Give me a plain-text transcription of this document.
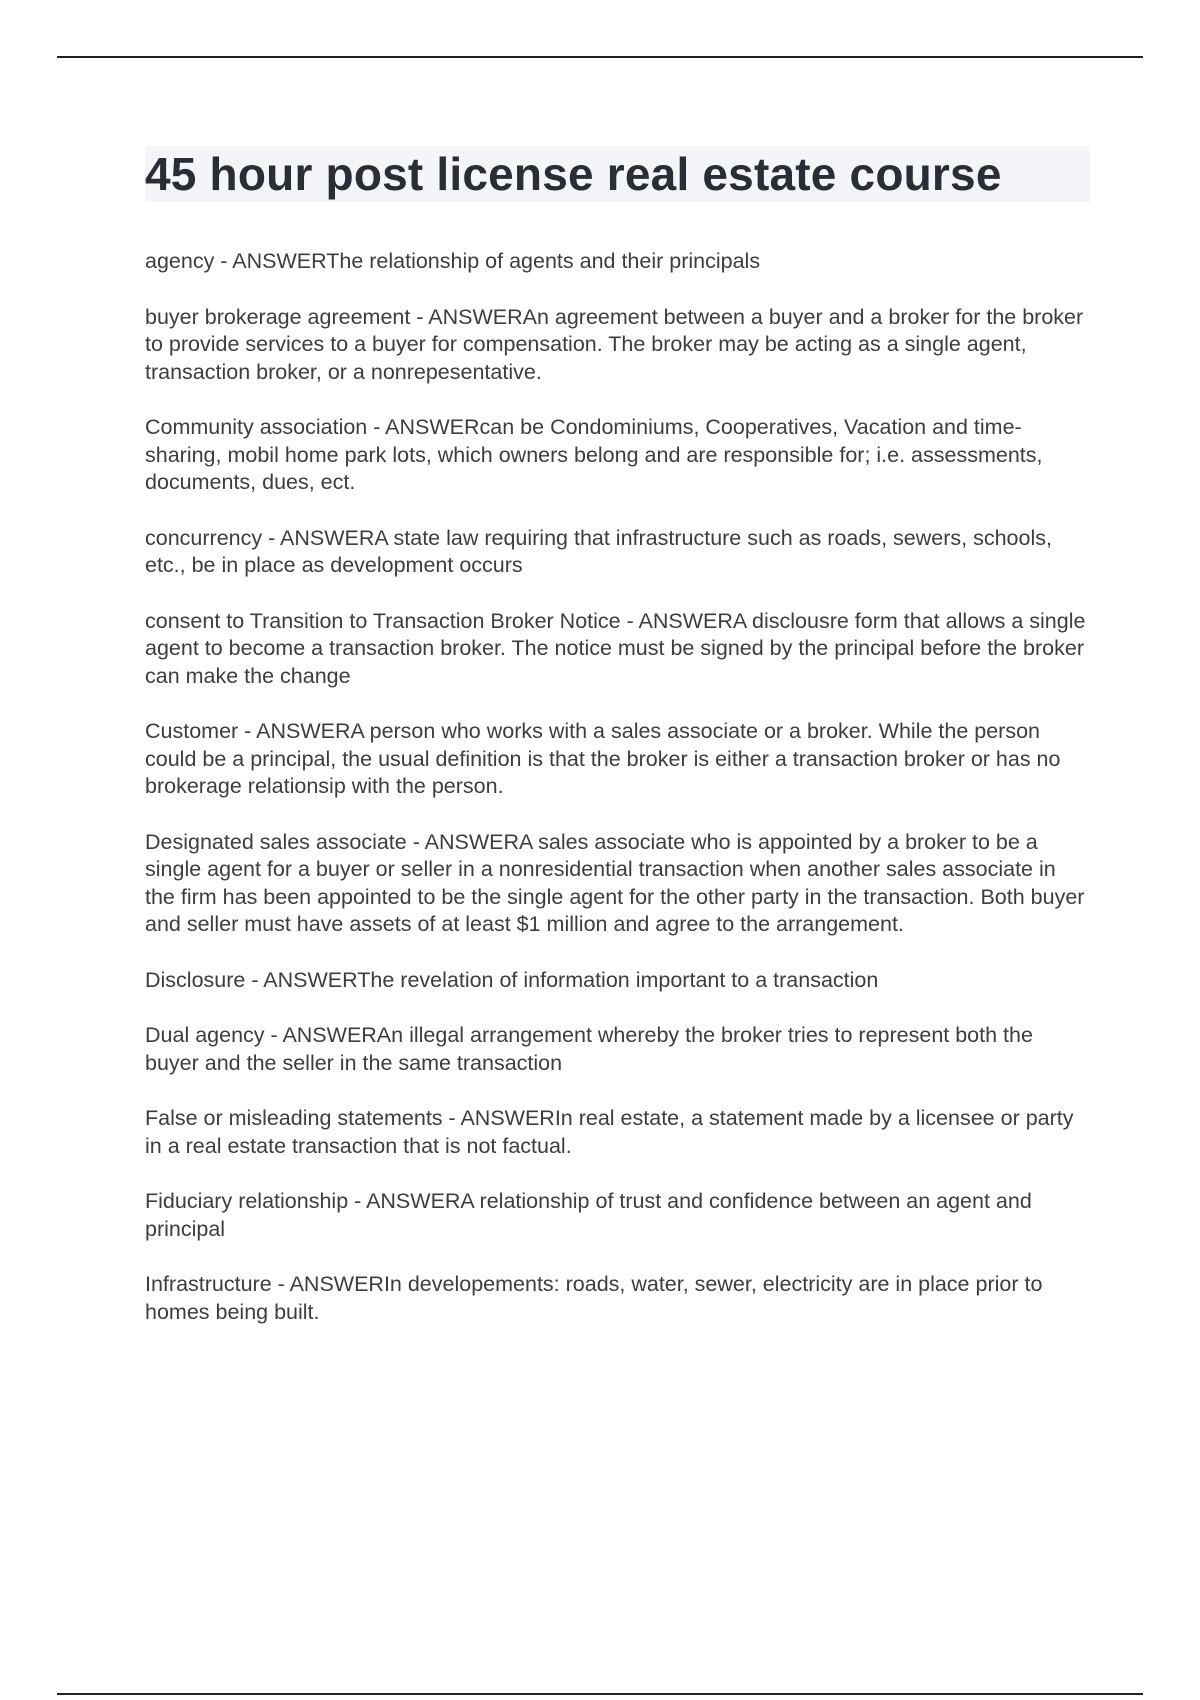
45 hour post license real estate course

agency - ANSWERThe relationship of agents and their principals

buyer brokerage agreement - ANSWERAn agreement between a buyer and a broker for the broker to provide services to a buyer for compensation. The broker may be acting as a single agent, transaction broker, or a nonrepesentative.

Community association - ANSWERcan be Condominiums, Cooperatives, Vacation and time-sharing, mobil home park lots, which owners belong and are responsible for; i.e. assessments, documents, dues, ect.

concurrency - ANSWERA state law requiring that infrastructure such as roads, sewers, schools, etc., be in place as development occurs

consent to Transition to Transaction Broker Notice - ANSWERA disclousre form that allows a single agent to become a transaction broker. The notice must be signed by the principal before the broker can make the change

Customer - ANSWERA person who works with a sales associate or a broker. While the person could be a principal, the usual definition is that the broker is either a transaction broker or has no brokerage relationsip with the person.

Designated sales associate - ANSWERA sales associate who is appointed by a broker to be a single agent for a buyer or seller in a nonresidential transaction when another sales associate in the firm has been appointed to be the single agent for the other party in the transaction. Both buyer and seller must have assets of at least $1 million and agree to the arrangement.

Disclosure - ANSWERThe revelation of information important to a transaction

Dual agency - ANSWERAn illegal arrangement whereby the broker tries to represent both the buyer and the seller in the same transaction

False or misleading statements - ANSWERIn real estate, a statement made by a licensee or party in a real estate transaction that is not factual.

Fiduciary relationship - ANSWERA relationship of trust and confidence between an agent and principal

Infrastructure - ANSWERIn developements: roads, water, sewer, electricity are in place prior to homes being built.
